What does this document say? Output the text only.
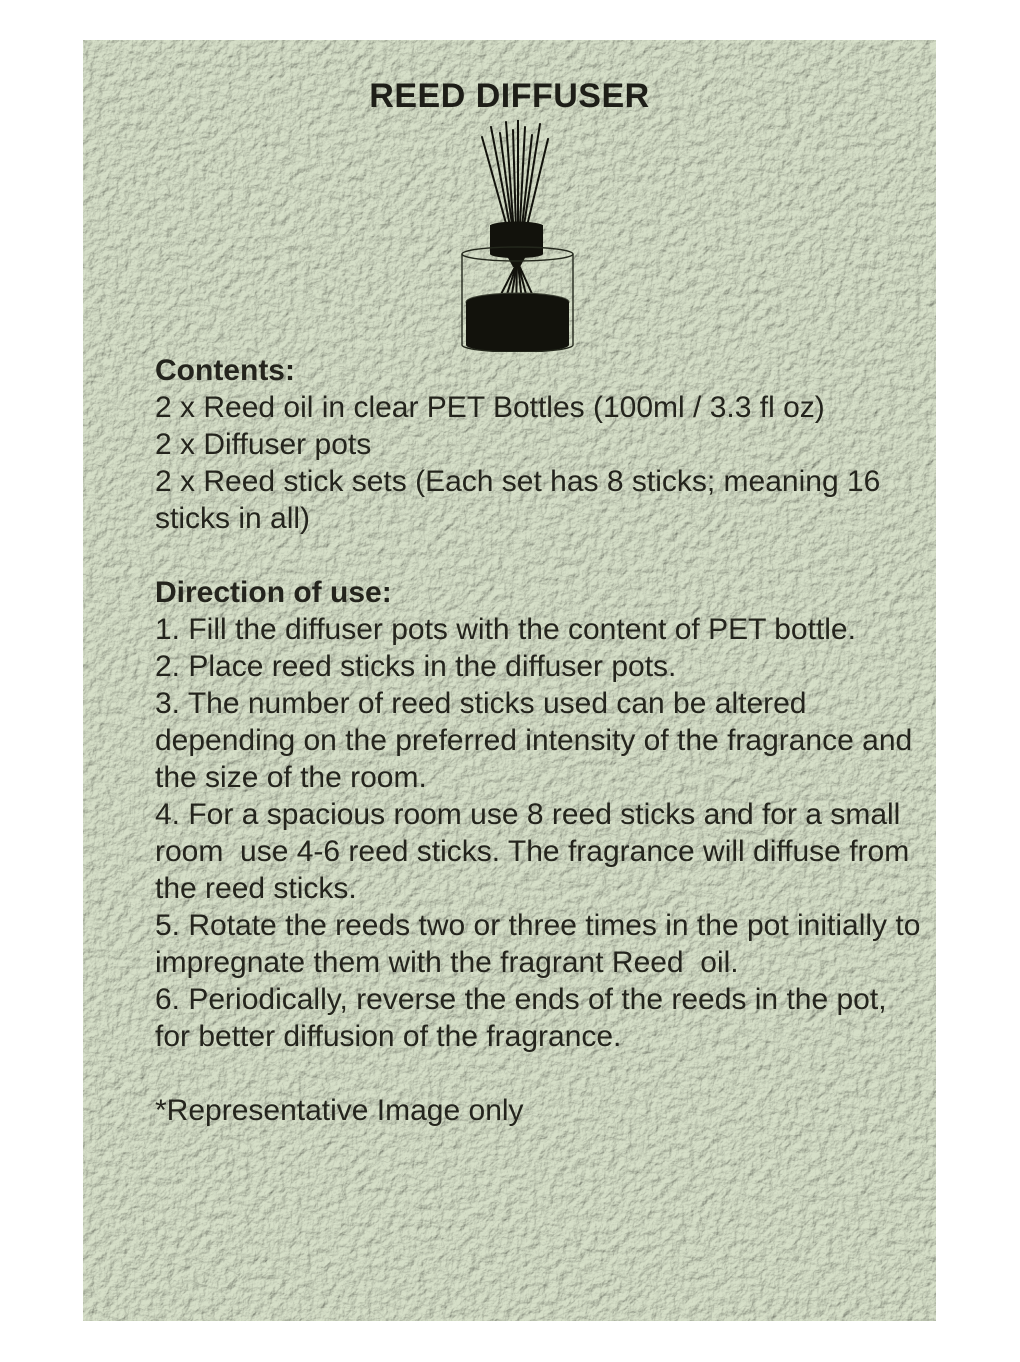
REED DIFFUSER

Contents:

2 x Reed oil in clear PET Bottles (100ml / 3.3 fl oz)

2 x Diffuser pots

2 x Reed stick sets (Each set has 8 sticks; meaning 16 sticks in all)

Direction of use:

1. Fill the diffuser pots with the content of PET bottle.

2. Place reed sticks in the diffuser pots.

3. The number of reed sticks used can be altered depending on the preferred intensity of the fragrance and the size of the room.

4. For a spacious room use 8 reed sticks and for a small room  use 4-6 reed sticks. The fragrance will diffuse from the reed sticks.

5. Rotate the reeds two or three times in the pot initially to impregnate them with the fragrant Reed  oil.

6. Periodically, reverse the ends of the reeds in the pot, for better diffusion of the fragrance.

*Representative Image only
